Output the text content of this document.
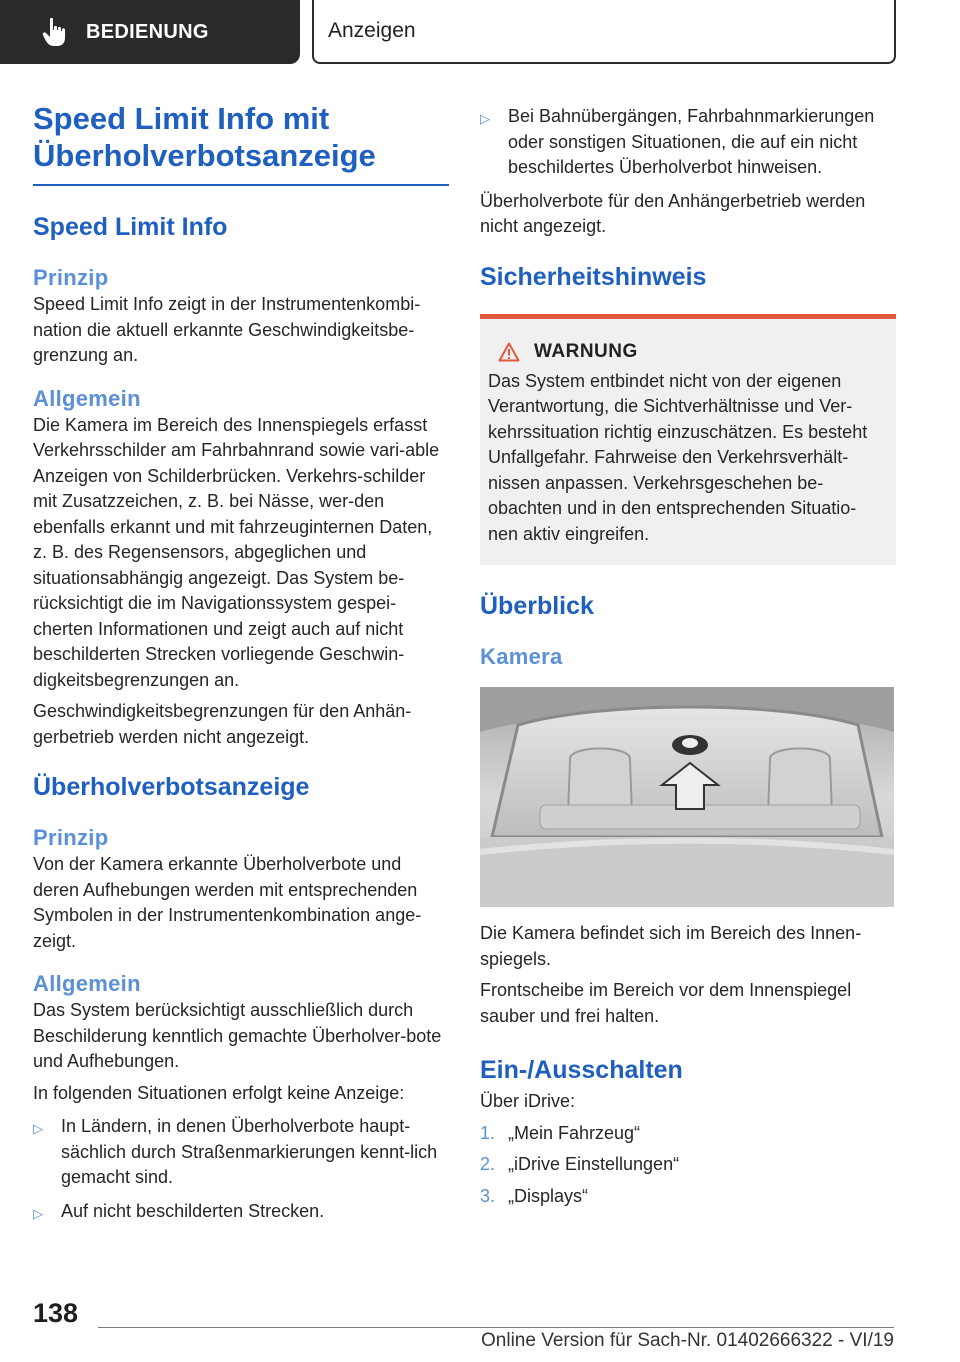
BEDIENUNG	Anzeigen
Speed Limit Info mit
Überholverbotsanzeige
Speed Limit Info
Prinzip

Speed Limit Info zeigt in der Instrumentenkombi-nation die aktuell erkannte Geschwindigkeitsbe-grenzung an.

Allgemein

Die Kamera im Bereich des Innenspiegels erfasst Verkehrsschilder am Fahrbahnrand sowie vari-able Anzeigen von Schilderbrücken. Verkehrs-schilder mit Zusatzzeichen, z. B. bei Nässe, wer-den ebenfalls erkannt und mit fahrzeuginternen Daten, z. B. des Regensensors, abgeglichen und situationsabhängig angezeigt. Das System be-rücksichtigt die im Navigationssystem gespei-cherten Informationen und zeigt auch auf nicht beschilderten Strecken vorliegende Geschwin-digkeitsbegrenzungen an.

Geschwindigkeitsbegrenzungen für den Anhän-gerbetrieb werden nicht angezeigt.

Überholverbotsanzeige
Prinzip

Von der Kamera erkannte Überholverbote und deren Aufhebungen werden mit entsprechenden Symbolen in der Instrumentenkombination ange-zeigt.

Allgemein

Das System berücksichtigt ausschließlich durch Beschilderung kenntlich gemachte Überholver-bote und Aufhebungen.

In folgenden Situationen erfolgt keine Anzeige:

▷	In Ländern, in denen Überholverbote haupt-sächlich durch Straßenmarkierungen kennt-lich gemacht sind.
▷	Auf nicht beschilderten Strecken.
▷	Bei Bahnübergängen, Fahrbahnmarkierungen oder sonstigen Situationen, die auf ein nicht beschildertes Überholverbot hinweisen.

Überholverbote für den Anhängerbetrieb werden nicht angezeigt.

Sicherheitshinweis
WARNUNG

Das System entbindet nicht von der eigenen Verantwortung, die Sichtverhältnisse und Ver-kehrssituation richtig einzuschätzen. Es besteht Unfallgefahr. Fahrweise den Verkehrsverhält-nissen anpassen. Verkehrsgeschehen be-obachten und in den entsprechenden Situatio-nen aktiv eingreifen.

Überblick
Kamera

Die Kamera befindet sich im Bereich des Innen-spiegels.

Frontscheibe im Bereich vor dem Innenspiegel sauber und frei halten.

Ein-/Ausschalten

Über iDrive:

1. „Mein Fahrzeug“
2. „iDrive Einstellungen“
3. „Displays“
138
Online Version für Sach-Nr. 01402666322 - VI/19
